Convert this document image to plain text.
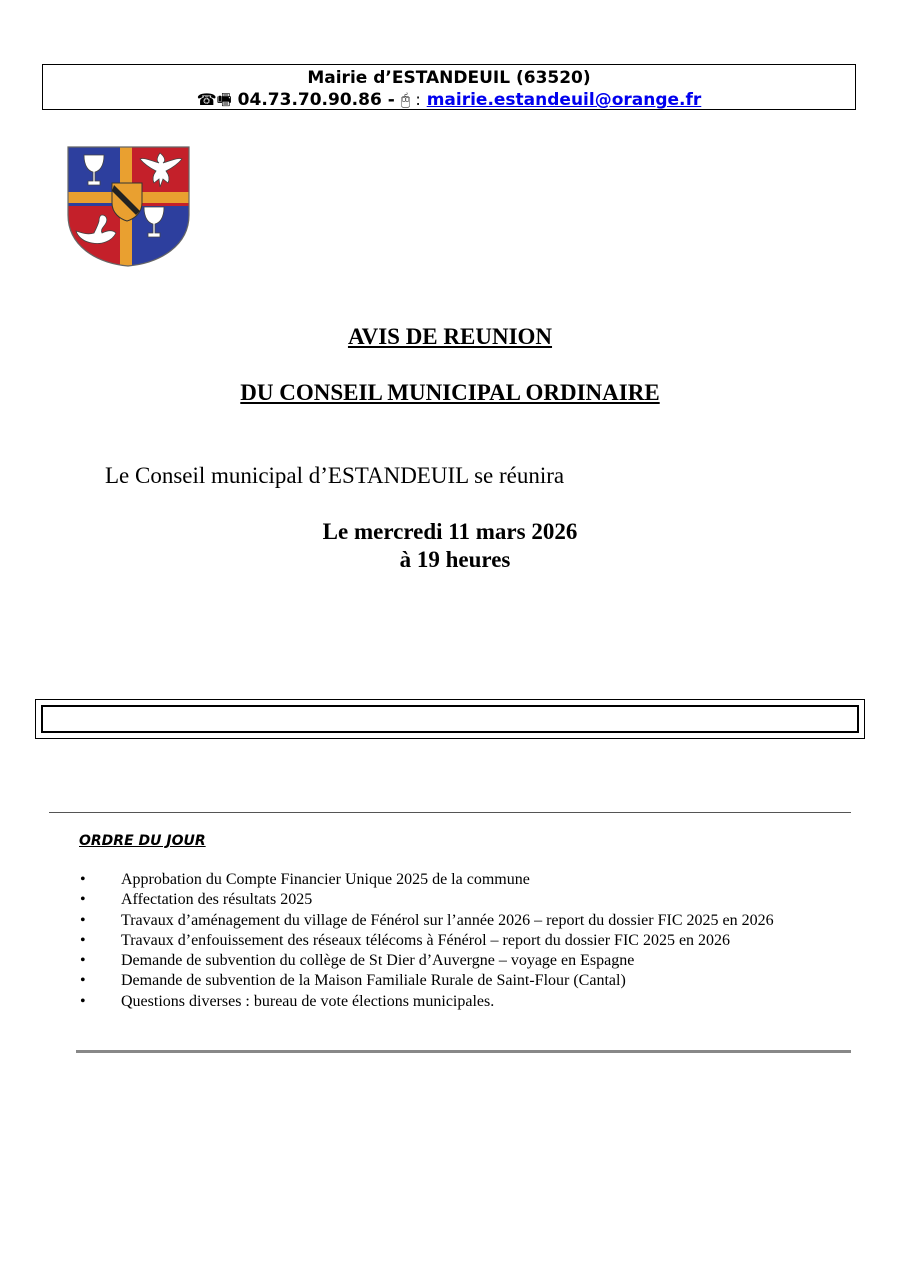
Mairie d’ESTANDEUIL (63520)
☎🖷 04.73.70.90.86 - 🖰 : mairie.estandeuil@orange.fr
AVIS DE REUNION
DU CONSEIL MUNICIPAL ORDINAIRE
Le Conseil municipal d’ESTANDEUIL se réunira
Le mercredi 11 mars 2026
à 19 heures
ORDRE DU JOUR
• Approbation du Compte Financier Unique 2025 de la commune
• Affectation des résultats 2025
• Travaux d’aménagement du village de Fénérol sur l’année 2026 – report du dossier FIC 2025 en 2026
• Travaux d’enfouissement des réseaux télécoms à Fénérol – report du dossier FIC 2025 en 2026
• Demande de subvention du collège de St Dier d’Auvergne – voyage en Espagne
• Demande de subvention de la Maison Familiale Rurale de Saint-Flour (Cantal)
• Questions diverses : bureau de vote élections municipales.
